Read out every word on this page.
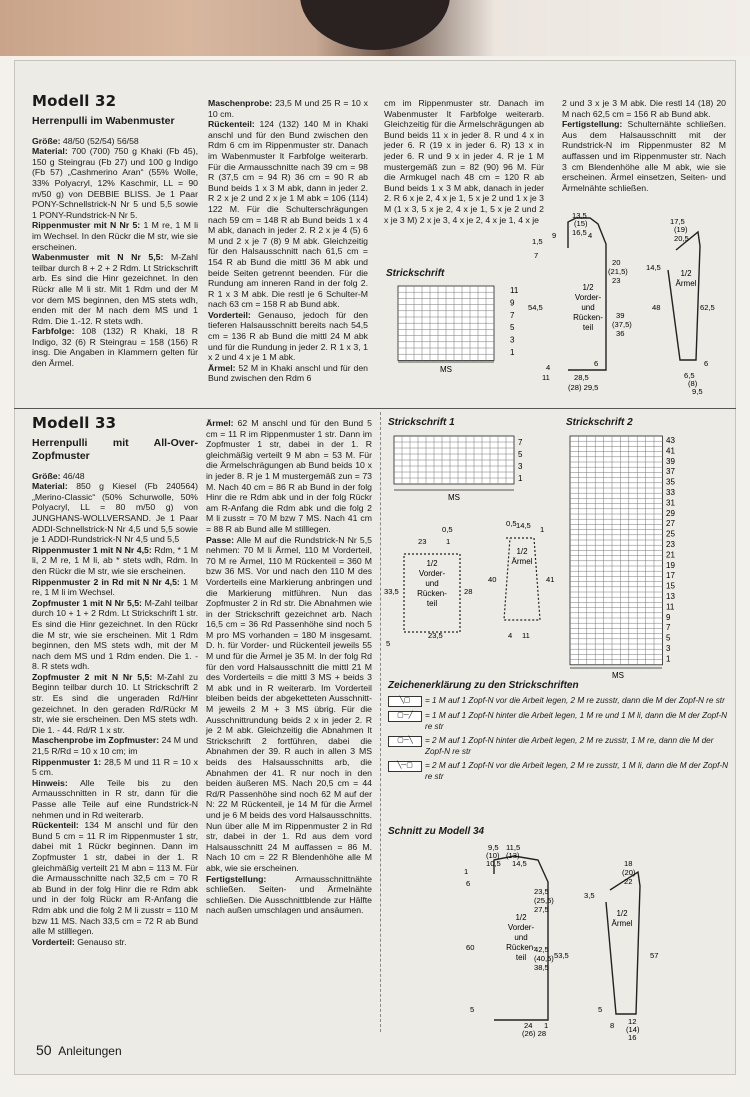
Modell 32
Herrenpulli im Wabenmuster

Größe: 48/50 (52/54) 56/58

Material: 700 (700) 750 g Khaki (Fb 45), 150 g Steingrau (Fb 27) und 100 g Indigo (Fb 57) „Cashmerino Aran“ (55% Wolle, 33% Polyacryl, 12% Kaschmir, LL = 90 m/50 g) von DEBBIE BLISS. Je 1 Paar PONY-Schnellstrick-N Nr 5 und 5,5 sowie 1 PONY-Rundstrick-N Nr 5.

Rippenmuster mit N Nr 5: 1 M re, 1 M li im Wechsel. In den Rückr die M str, wie sie erscheinen.

Wabenmuster mit N Nr 5,5: M-Zahl teilbar durch 8 + 2 + 2 Rdm. Lt Strickschrift arb. Es sind die Hinr gezeichnet. In den Rückr alle M li str. Mit 1 Rdm und der M vor dem MS beginnen, den MS stets wdh, enden mit der M nach dem MS und 1 Rdm. Die 1.-12. R stets wdh.

Farbfolge: 108 (132) R Khaki, 18 R Indigo, 32 (6) R Steingrau = 158 (156) R insg. Die Angaben in Klammern gelten für den Ärmel.

Maschenprobe: 23,5 M und 25 R = 10 x 10 cm.

Rückenteil: 124 (132) 140 M in Khaki anschl und für den Bund zwischen den Rdm 6 cm im Rippenmuster str. Danach im Wabenmuster lt Farbfolge weiterarb. Für die Armausschnitte nach 39 cm = 98 R (37,5 cm = 94 R) 36 cm = 90 R ab Bund beids 1 x 3 M abk, dann in jeder 2. R 2 x je 2 und 2 x je 1 M abk = 106 (114) 122 M. Für die Schulterschrägungen nach 59 cm = 148 R ab Bund beids 1 x 4 M abk, danach in jeder 2. R 2 x je 4 (5) 6 M und 2 x je 7 (8) 9 M abk. Gleichzeitig für den Halsausschnitt nach 61,5 cm = 154 R ab Bund die mittl 36 M abk und beide Seiten getrennt beenden. Für die Rundung am inneren Rand in der folg 2. R 1 x 3 M abk. Die restl je 6 Schulter-M nach 63 cm = 158 R ab Bund abk.

Vorderteil: Genauso, jedoch für den tieferen Halsausschnitt bereits nach 54,5 cm = 136 R ab Bund die mittl 24 M abk und für die Rundung in jeder 2. R 1 x 3, 1 x 2 und 4 x je 1 M abk.

Ärmel: 52 M in Khaki anschl und für den Bund zwischen den Rdm 6

cm im Rippenmuster str. Danach im Wabenmuster lt Farbfolge weiterarb. Gleichzeitig für die Ärmelschrägungen ab Bund beids 11 x in jeder 8. R und 4 x in jeder 6. R (19 x in jeder 6. R) 13 x in jeder 6. R und 9 x in jeder 4. R je 1 M mustergemäß zun = 82 (90) 96 M. Für die Armkugel nach 48 cm = 120 R ab Bund beids 1 x 3 M abk, danach in jeder 2. R 6 x je 2, 4 x je 1, 5 x je 2 und 1 x je 3 M (1 x 3, 5 x je 2, 4 x je 1, 5 x je 2 und 2 x je 3 M) 2 x je 3, 4 x je 2, 4 x je 1, 4 x je

2 und 3 x je 3 M abk. Die restl 14 (18) 20 M nach 62,5 cm = 156 R ab Bund abk.

Fertigstellung: Schulternähte schließen. Aus dem Halsausschnitt mit der Rundstrick-N im Rippenmuster 82 M auffassen und im Rippenmuster str. Nach 3 cm Blendenhöhe alle M abk, wie sie erscheinen. Ärmel einsetzen, Seiten- und Ärmelnähte schließen.

Strickschrift
11
9
7
5
3
1
MS
13,5
(15)
16,5
9	4
1,5
7
20
(21,5)
23
54,5
39
(37,5)
36
6
28,5
(28) 29,5
4
17,5
(19)
20,5
14,5
48	62,5
6
6,5
(8)
9,5
11
1/2
Vorder-
und
Rücken-
teil
1/2
Ärmel
Modell 33
Herrenpulli mit All-Over-Zopfmuster

Größe: 46/48

Material: 850 g Kiesel (Fb 240564) „Merino-Classic“ (50% Schurwolle, 50% Polyacryl, LL = 80 m/50 g) von JUNGHANS-WOLLVERSAND. Je 1 Paar ADDI-Schnellstrick-N Nr 4,5 und 5,5 sowie je 1 ADDI-Rundstrick-N Nr 4,5 und 5,5

Rippenmuster 1 mit N Nr 4,5: Rdm, * 1 M li, 2 M re, 1 M li, ab * stets wdh, Rdm. In den Rückr die M str, wie sie erscheinen.

Rippenmuster 2 in Rd mit N Nr 4,5: 1 M re, 1 M li im Wechsel.

Zopfmuster 1 mit N Nr 5,5: M-Zahl teilbar durch 10 + 1 + 2 Rdm. Lt Strickschrift 1 str. Es sind die Hinr gezeichnet. In den Rückr die M str, wie sie erscheinen. Mit 1 Rdm beginnen, den MS stets wdh, mit der M nach dem MS und 1 Rdm enden. Die 1. - 8. R stets wdh.

Zopfmuster 2 mit N Nr 5,5: M-Zahl zu Beginn teilbar durch 10. Lt Strickschrift 2 str. Es sind die ungeraden Rd/Hinr gezeichnet. In den geraden Rd/Rückr M str, wie sie erscheinen. Den MS stets wdh. Die 1. - 44. Rd/R 1 x str.

Maschenprobe im Zopfmuster: 24 M und 21,5 R/Rd = 10 x 10 cm; im

Rippenmuster 1: 28,5 M und 11 R = 10 x 5 cm.

Hinweis: Alle Teile bis zu den Armausschnitten in R str, dann für die Passe alle Teile auf eine Rundstrick-N nehmen und in Rd weiterarb.

Rückenteil: 134 M anschl und für den Bund 5 cm = 11 R im Rippenmuster 1 str, dabei mit 1 Rückr beginnen. Dann im Zopfmuster 1 str, dabei in der 1. R gleichmäßig verteilt 21 M abn = 113 M. Für die Armausschnitte nach 32,5 cm = 70 R ab Bund in der folg Hinr die re Rdm abk und in der folg Rückr am R-Anfang die Rdm abk und die folg 2 M li zusstr = 110 M bzw 11 MS. Nach 33,5 cm = 72 R ab Bund alle M stilllegen.

Vorderteil: Genauso str.

Ärmel: 62 M anschl und für den Bund 5 cm = 11 R im Rippenmuster 1 str. Dann im Zopfmuster 1 str, dabei in der 1. R gleichmäßig verteilt 9 M abn = 53 M. Für die Ärmelschrägungen ab Bund beids 10 x in jeder 8. R je 1 M mustergemäß zun = 73 M. Nach 40 cm = 86 R ab Bund in der folg Hinr die re Rdm abk und in der folg Rückr am R-Anfang die Rdm abk und die folg 2 M li zusstr = 70 M bzw 7 MS. Nach 41 cm = 88 R ab Bund alle M stilllegen.

Passe: Alle M auf die Rundstrick-N Nr 5,5 nehmen: 70 M li Ärmel, 110 M Vorderteil, 70 M re Ärmel, 110 M Rückenteil = 360 M bzw 36 MS. Vor und nach den 110 M des Vorderteils eine Markierung anbringen und die Markierung mitführen. Nun das Zopfmuster 2 in Rd str. Die Abnahmen wie in der Strickschrift gezeichnet arb. Nach 16,5 cm = 36 Rd Passenhöhe sind noch 5 M pro MS vorhanden = 180 M insgesamt. D. h. für Vorder- und Rückenteil jeweils 55 M und für die Ärmel je 35 M. In der folg Rd für den vord Halsausschnitt die mittl 21 M des Vorderteils = die mittl 3 MS + beids 3 M abk und in R weiterarb. Im Vorderteil bleiben beids der abgeketteten Ausschnitt-M jeweils 2 M + 3 MS übrig. Für die Ausschnittrundung beids 2 x in jeder 2. R je 2 M abk. Gleichzeitig die Abnahmen lt Strickschrift 2 fortführen, dabei die Abnahmen der 39. R auch in allen 3 MS beids des Halsausschnitts arb, die Abnahmen der 41. R nur noch in den beiden äußeren MS. Nach 20,5 cm = 44 Rd/R Passenhöhe sind noch 62 M auf der N: 22 M Rückenteil, je 14 M für die Ärmel und je 6 M beids des vord Halsausschnitts. Nun über alle M im Rippenmuster 2 in Rd str, dabei in der 1. Rd aus dem vord Halsausschnitt 24 M auffassen = 86 M. Nach 10 cm = 22 R Blendenhöhe alle M abk, wie sie erscheinen.

Fertigstellung: Armausschnittnähte schließen. Seiten- und Ärmelnähte schließen. Die Ausschnittblende zur Hälfte nach außen umschlagen und ansäumen.

Strickschrift 1
7
5
3
1
MS
Strickschrift 2
43
41
39
37
35
33
31
29
27
25
23
21
19
17
15
13
11
9
7
5
3
1
MS
23
0,5
1
33,5	28
23,5
5
0,5 14,5 1
40	41
4 11
1/2
Vorder-
und
Rücken-
teil
1/2
Ärmel
Zeichenerklärung zu den Strickschriften
╲▢	= 1 M auf 1 Zopf-N vor die Arbeit legen, 2 M re zusstr, dann die M der Zopf-N re str
▢─╱	= 1 M auf 1 Zopf-N hinter die Arbeit legen, 1 M re und 1 M li, dann die M der Zopf-N re str
▢─╲	= 2 M auf 1 Zopf-N hinter die Arbeit legen, 2 M re zusstr, 1 M re, dann die M der Zopf-N re str
╲─▢	= 2 M auf 1 Zopf-N vor die Arbeit legen, 2 M re zusstr, 1 M li, dann die M der Zopf-N re str
Schnitt zu Modell 34
9,5 11,5
(10) (13)
10,5 14,5
1
6
23,5
(25,5)
27,5
60	42,5
(40,5)
38,5
53,5
5
24
(26) 28
1
18
(20)
22
3,5
57
5
12
8 (14)
16
1/2
Vorder-
und
Rücken-
teil
1/2
Ärmel
50 Anleitungen
